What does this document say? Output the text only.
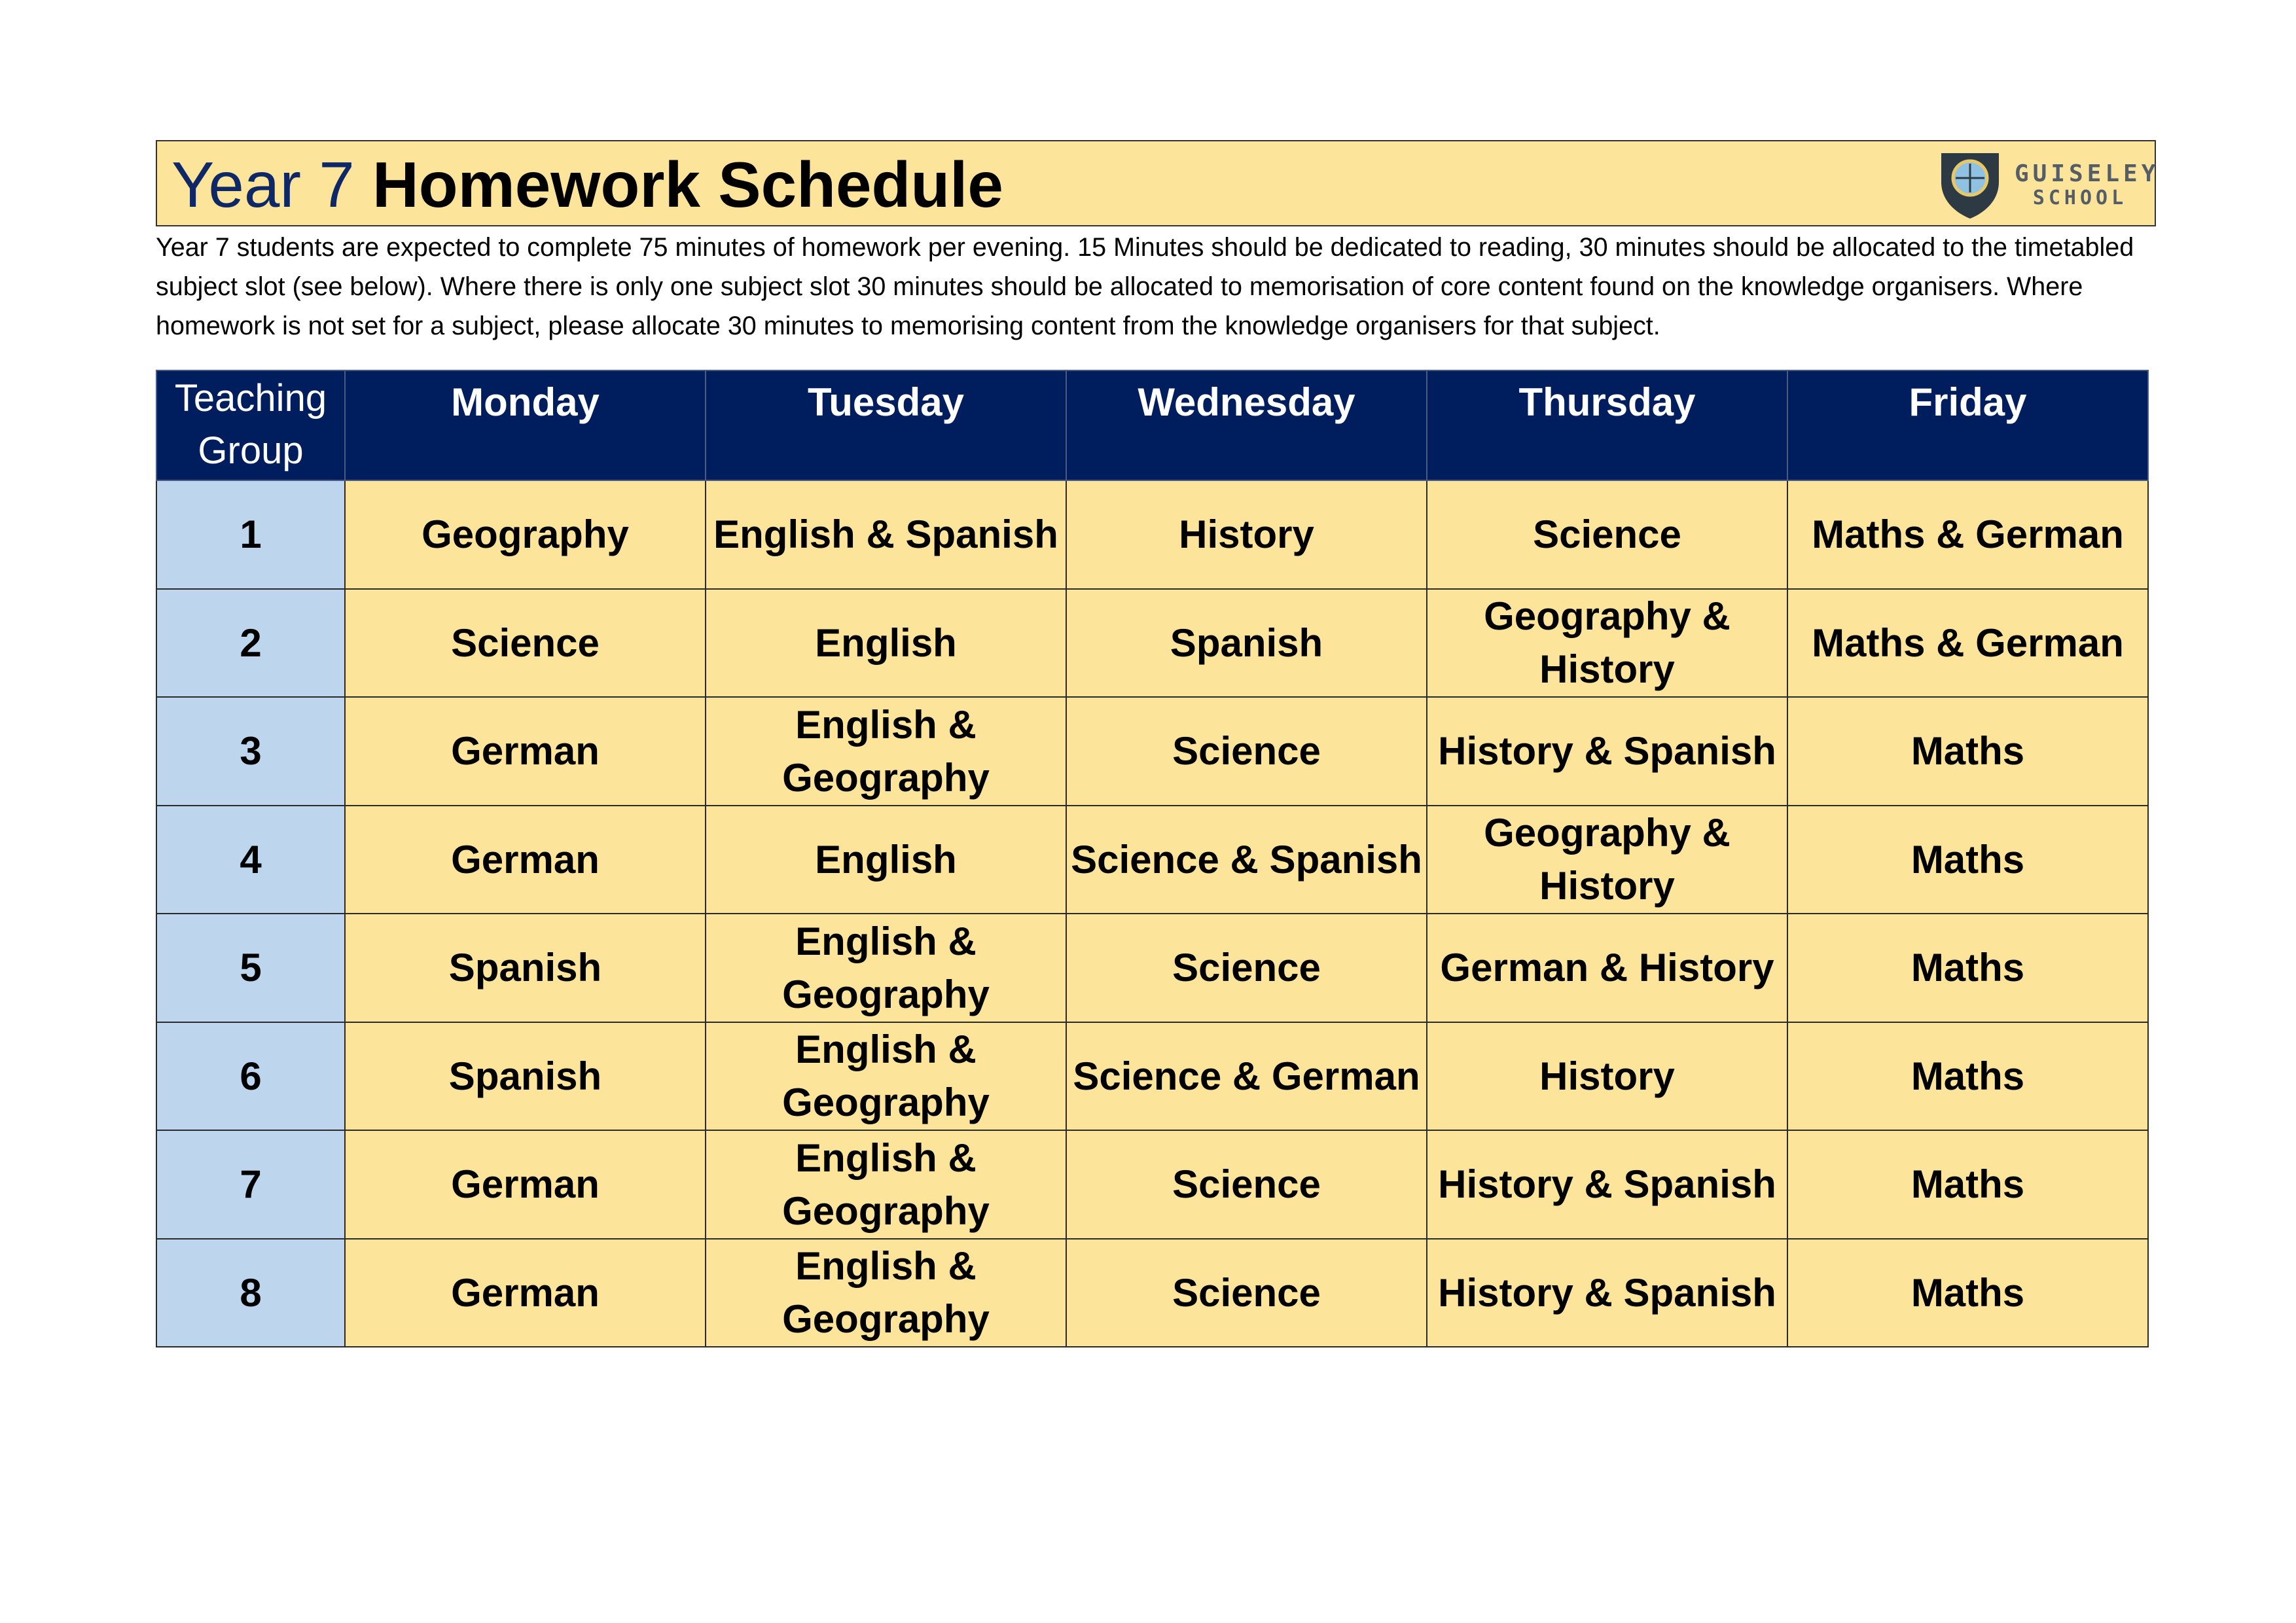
Year 7 Homework Schedule	GUISELEY
SCHOOL
Year 7 students are expected to complete 75 minutes of homework per evening. 15 Minutes should be dedicated to reading, 30 minutes should be allocated to the timetabled subject slot (see below). Where there is only one subject slot 30 minutes should be allocated to memorisation of core content found on the knowledge organisers. Where homework is not set for a subject, please allocate 30 minutes to memorising content from the knowledge organisers for that subject.
Teaching Group	Monday	Tuesday	Wednesday	Thursday	Friday
1	Geography	English & Spanish	History	Science	Maths & German
2	Science	English	Spanish	Geography & History	Maths & German
3	German	English & Geography	Science	History & Spanish	Maths
4	German	English	Science & Spanish	Geography & History	Maths
5	Spanish	English & Geography	Science	German & History	Maths
6	Spanish	English & Geography	Science & German	History	Maths
7	German	English & Geography	Science	History & Spanish	Maths
8	German	English & Geography	Science	History & Spanish	Maths
